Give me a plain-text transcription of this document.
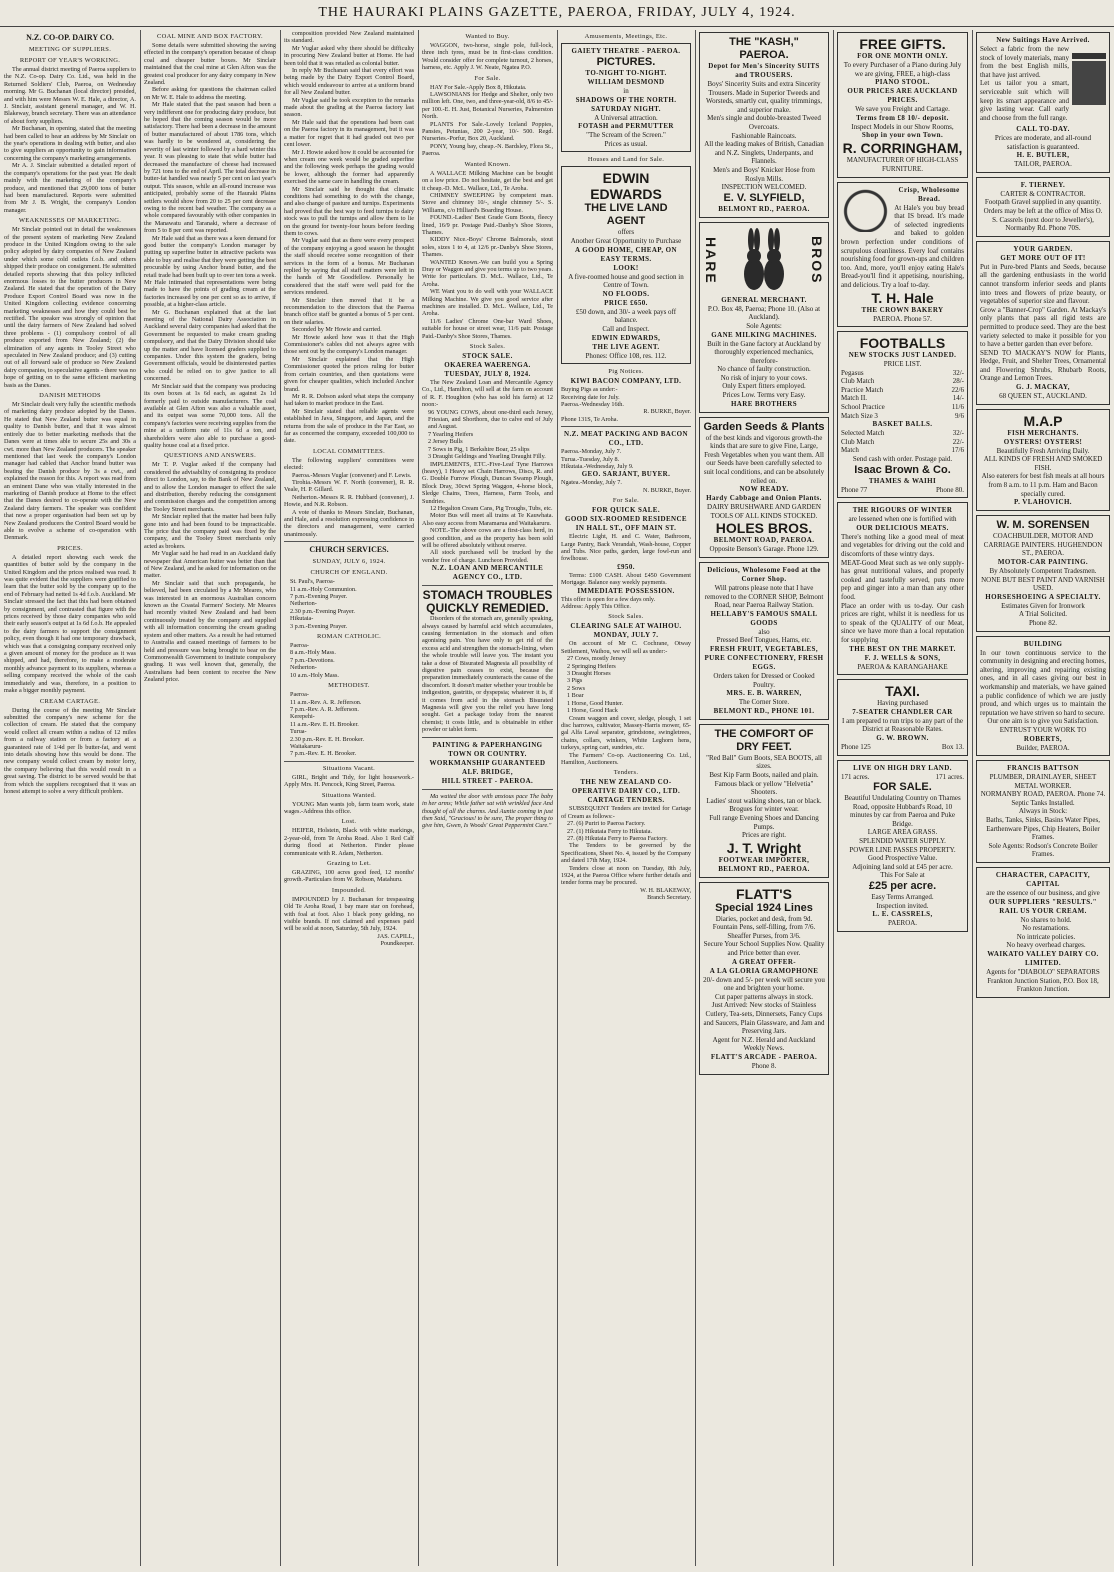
THE HAURAKI PLAINS GAZETTE, PAEROA, FRIDAY, JULY 4, 1924.
N.Z. CO-OP. DAIRY CO.
MEETING OF SUPPLIERS.
REPORT OF YEAR'S WORKING.

The annual district meeting of Paeroa suppliers to the N.Z. Co-op. Dairy Co. Ltd., was held in the Returned Soldiers' Club, Paeroa, on Wednesday morning. Mr G. Buchanan (local director) presided, and with him were Messrs W. E. Hale, a director, A. J. Sinclair, assistant general manager, and W. H. Blakeway, branch secretary. There was an attendance of about forty suppliers.

Mr Buchanan, in opening, stated that the meeting had been called to hear an address by Mr Sinclair on the year's operations in dealing with butter, and also to give suppliers an opportunity to gain information concerning the company's marketing arrangements.

Mr A. J. Sinclair submitted a detailed report of the company's operations for the past year. He dealt mainly with the marketing of the company's produce, and mentioned that 29,000 tons of butter had been manufactured. Reports were submitted from Mr J. B. Wright, the company's London manager.

WEAKNESSES OF MARKETING.

Mr Sinclair pointed out in detail the weaknesses of the present system of marketing New Zealand produce in the United Kingdom owing to the sale policy adopted by dairy companies of New Zealand under which some cold outlets f.o.b. and others shipped their produce on consignment. He submitted detailed reports showing that this policy inflicted enormous losses to the butter producers in New Zealand. He stated that the operation of the Dairy Produce Export Control Board was now in the United Kingdom collecting evidence concerning marketing weaknesses and how they could best be rectified. The speaker was strongly of opinion that until the dairy farmers of New Zealand had solved three problems - (1) compulsory control of all produce exported from New Zealand; (2) the elimination of any agents in Tooley Street who speculated in New Zealand produce; and (3) cutting out of all forward sale of produce so New Zealand dairy companies, to speculative agents - there was no hope of getting on to the same efficient marketing basis as the Danes.

DANISH METHODS

Mr Sinclair dealt very fully the scientific methods of marketing dairy produce adopted by the Danes. He stated that New Zealand butter was equal in quality to Danish butter, and that it was almost entirely due to better marketing methods that the Danes were at times able to secure 25s and 30s a cwt. more than New Zealand producers. The speaker mentioned that last week the company's London manager had cabled that Anchor brand butter was beating the Danish produce by 3s a cwt., and explained the reason for this. A report was read from an eminent Dane who was vitally interested in the marketing of Danish produce at Home to the effect that the Danes desired to co-operate with the New Zealand dairy farmers. The speaker was confident that now a proper organisation had been set up by New Zealand producers the Control Board would be able to evolve a scheme of co-operation with Denmark.

PRICES.

A detailed report showing each week the quantities of butter sold by the company in the United Kingdom and the prices realised was read. It was quite evident that the suppliers were gratified to learn that the butter sold by the company up to the end of February had netted 1s 4d f.o.b. Auckland. Mr Sinclair stressed the fact that this had been obtained by consignment, and contrasted that figure with the prices received by those dairy companies who sold their early season's output at 1s 6d f.o.b. He appealed to the dairy farmers to support the consignment policy, even though it had one temporary drawback, which was that a consigning company received only a given amount of money for the produce as it was shipped, and had, therefore, to make a moderate monthly advance payment to its suppliers, whereas a selling company received the whole of the cash immediately and was, therefore, in a position to make a bigger monthly payment.

CREAM CARTAGE.

During the course of the meeting Mr Sinclair submitted the company's new scheme for the collection of cream. He stated that the company would collect all cream within a radius of 12 miles from a railway station or from a factory at a guaranteed rate of 1/4d per lb butter-fat, and went into details showing how this would be done. The new company would collect cream by motor lorry, the company believing that this would result in a great saving. The district to be served would be that from which the suppliers recognised that it was an honest attempt to solve a very difficult problem.

COAL MINE AND BOX FACTORY.

Some details were submitted showing the saving effected in the company's operation because of cheap coal and cheaper butter boxes. Mr Sinclair maintained that the coal mine at Glen Afton was the greatest coal producer for any dairy company in New Zealand.

Before asking for questions the chairman called on Mr W. E. Hale to address the meeting.

Mr Hale stated that the past season had been a very indifferent one for producing dairy produce, but he hoped that the coming season would be more satisfactory. There had been a decrease in the amount of butter manufactured of about 1786 tons, which was hardly to be wondered at, considering the severity of last winter followed by a hard winter this year. It was pleasing to state that while butter had decreased the manufacture of cheese had increased by 721 tons to the end of April. The total decrease in butter-fat handled was nearly 5 per cent on last year's output. This season, while an all-round increase was anticipated, probably some of the Hauraki Plains settlers would show from 20 to 25 per cent decrease owing to the recent bad weather. The company as a whole compared favourably with other companies in the Manawatu and Taranaki, where a decrease of from 5 to 8 per cent was reported.

Mr Hale said that as there was a keen demand for good butter the company's London manager by putting up superfine butter in attractive packets was able to buy and realise that they were getting the best procurable by using Anchor brand butter, and the retail trade had been built up to over ten tons a week. Mr Hale intimated that representations were being made to have the points of grading cream at the factories increased by one per cent so as to arrive, if possible, at a higher-class article.

Mr G. Buchanan explained that at the last meeting of the National Dairy Association in Auckland several dairy companies had asked that the Government be requested to make cream grading compulsory, and that the Dairy Division should take up the matter and have licensed graders supplied to companies. Under this system the graders, being Government officials, would be disinterested parties who could be relied on to give justice to all concerned.

Mr Sinclair said that the company was producing its own boxes at 1s 6d each, as against 2s 1d formerly paid to outside manufacturers. The coal available at Glen Afton was also a valuable asset, and its output was some 70,000 tons. All the company's factories were receiving supplies from the mine at a uniform rate of 11s 6d a ton, and shareholders were also able to purchase a good-quality house coal at a fixed price.

QUESTIONS AND ANSWERS.

Mr T. P. Vuglar asked if the company had considered the advisability of consigning its produce direct to London, say, to the Bank of New Zealand, and to allow the London manager to effect the sale and distribution, thereby reducing the consignment and commission charges and the competition among the Tooley Street merchants.

Mr Sinclair replied that the matter had been fully gone into and had been found to be impracticable. The price that the company paid was fixed by the company, and the Tooley Street merchants only acted as brokers.

Mr Vuglar said he had read in an Auckland daily newspaper that American butter was better than that of New Zealand, and he asked for information on the matter.

Mr Sinclair said that such propaganda, he believed, had been circulated by a Mr Meares, who was interested in an enormous Australian concern known as the Coastal Farmers' Society. Mr Meares had recently visited New Zealand and had been continuously treated by the company and supplied with all information concerning the cream grading system and other matters. As a result he had returned to Australia and caused meetings of farmers to be held and pressure was being brought to bear on the Commonwealth Government to institute compulsory grading. It was well known that, generally, the Australians had been content to receive the New Zealand price.

composition provided New Zealand maintained its standard.

Mr Vuglar asked why there should be difficulty in procuring New Zealand butter at Home. He had been told that it was retailed as colonial butter.

In reply Mr Buchanan said that every effort was being made by the Dairy Export Control Board, which would endeavour to arrive at a uniform brand for all New Zealand butter.

Mr Vuglar said he took exception to the remarks made about the grading at the Paeroa factory last season.

Mr Hale said that the operations had been cast on the Paeroa factory in its management, but it was a matter for regret that it had graded out two per cent lower.

Mr J. Howie asked how it could be accounted for when cream one week would be graded superfine and the following week perhaps the grading would be lower, although the former had apparently exercised the same care in handling the cream.

Mr Sinclair said he thought that climatic conditions had something to do with the change, and also change of pasture and turnips. Experiments had proved that the best way to feed turnips to dairy stock was to pull the turnips and allow them to lie on the ground for twenty-four hours before feeding them to cows.

Mr Vuglar said that as there were every prospect of the company enjoying a good season he thought the staff should receive some recognition of their services in the form of a bonus. Mr Buchanan replied by saying that all staff matters were left in the hands of Mr Goodfellow. Personally he considered that the staff were well paid for the services rendered.

Mr Sinclair then moved that it be a recommendation to the directors that the Paeroa branch office staff be granted a bonus of 5 per cent. on their salaries.

Seconded by Mr Howie and carried.

Mr Howie asked how was it that the High Commissioner's cables did not always agree with those sent out by the company's London manager.

Mr Sinclair explained that the High Commissioner quoted the prices ruling for butter from certain countries, and then quotations were given for cheaper qualities, which included Anchor brand.

Mr R. R. Dobson asked what steps the company had taken to market produce in the East.

Mr Sinclair stated that reliable agents were established in Java, Singapore, and Japan, and the returns from the sale of produce in the Far East, so far as concerned the company, exceeded 100,000 to date.

LOCAL COMMITTEES.

The following suppliers' committees were elected:

Paeroa.-Messrs Vuglar (convener) and F. Lewis.

Tirohia.-Messrs W. F. North (convener), R. R. Veale, H. P. Gillard.

Netherton.-Messrs R. R. Hubbard (convener), J. Howie, and N.R. Robson.

A vote of thanks to Messrs Sinclair, Buchanan, and Hale, and a resolution expressing confidence in the directors and management, were carried unanimously.

CHURCH SERVICES.
SUNDAY, JULY 6, 1924.
CHURCH OF ENGLAND.
St. Paul's, Paeroa-
11 a.m.-Holy Communion.
7 p.m.-Evening Prayer.
Netherton-
2.30 p.m.-Evening Prayer.
Hikutaia-
3 p.m.-Evening Prayer.
ROMAN CATHOLIC.
Paeroa-
8 a.m.-Holy Mass.
7 p.m.-Devotions.
Netherton-
10 a.m.-Holy Mass.
METHODIST.
Paeroa-
11 a.m.-Rev. A. R. Jefferson.
7 p.m.-Rev. A. R. Jefferson.
Kerepehi-
11 a.m.-Rev. E. H. Brooker.
Turua-
2.30 p.m.-Rev. E. H. Brooker.
Waitakaruru-
7 p.m.-Rev. E. H. Brooker.
Situations Vacant.

GIRL, Bright and Tidy, for light housework.-Apply Mrs. H. Pencock, King Street, Paeroa.

Situations Wanted.

YOUNG Man wants job, farm team work, state wages.-Address this office.

Lost.

HEIFER, Holstein, Black with white markings, 2-year-old, from Te Aroha Road. Also 1 Red Calf during flood at Netherton. Finder please communicate with R. Adam, Netherton.

Grazing to Let.

GRAZING, 100 acres good feed, 12 months' growth.-Particulars from W. Robson, Matahuru.

Impounded.

IMPOUNDED by J. Buchanan for trespassing Old Te Aroha Road, 1 bay mare star on forehead, with foal at foot. Also 1 black pony gelding, no visible brands. If not claimed and expenses paid will be sold at noon, Saturday, 5th July, 1924.

JAS. CAPILL,
Poundkeeper.
Wanted to Buy.

WAGGON, two-horse, single pole, full-lock, three inch tyres, must be in first-class condition. Would consider offer for complete turnout, 2 horses, harness, etc. Apply J. W. Neate, Ngatea P.O.

For Sale.

HAY For Sale.-Apply Box 8, Hikutaia.

LAWSONIANS for Hedge and Shelter, only two million left. One, two, and three-year-old, 8/6 to 45/- per 100.-E. H. Just, Botanical Nurseries, Palmerston North.

PLANTS For Sale.-Lovely Iceland Poppies, Pansies, Petunias, 200 2-year, 10/- 500. Regd. Nurseries.-Porfur, Box 20, Auckland.

PONY, Young bay, cheap.-N. Bardsley, Flora St., Paeroa.

Wanted Known.

A WALLACE Milking Machine can be bought on a low price. Do not hesitate, get the best and get it cheap.-D. McL. Wallace, Ltd., Te Aroha.

CHIMNEY SWEEPING by competent man. Stove and chimney 10/-, single chimney 5/-. S. Williams, c/o Hilliard's Boarding House.

FOUND.-Ladies' Best Grade Gum Boots, fleecy lined, 16/9 pr. Postage Paid.-Danby's Shoe Stores, Thames.

KIDDY Nice.-Boys' Chrome Balmorals, stout soles, sizes 1 to 4, at 12/6 pr.-Danby's Shoe Stores, Thames.

WANTED Known.-We can build you a Spring Dray or Waggon and give you terms up to two years. Write for particulars. D. McL. Wallace, Ltd., Te Aroha.

WE Want you to do well with your WALLACE Milking Machine. We give you good service after machines are installed. D. McL. Wallace, Ltd., Te Aroha.

11/6 Ladies' Chrome One-bar Ward Shoes, suitable for house or street wear, 11/6 pair. Postage Paid.-Danby's Shoe Stores, Thames.

Stock Sales.
STOCK SALE.
OKAEREA WAERENGA.
TUESDAY, JULY 8, 1924.

The New Zealand Loan and Mercantile Agency Co., Ltd., Hamilton, will sell at the farm on account of R. F. Houghton (who has sold his farm) at 12 noon:-

96 YOUNG COWS, about one-third each Jersey, Friesian, and Shorthorn, due to calve end of July and August.
7 Yearling Heifers
2 Jersey Bulls
7 Sows in Pig, 1 Berkshire Boar, 25 slips
3 Draught Geldings and Yearling Draught Filly.

IMPLEMENTS, ETC.-Five-Leaf Tyne Harrows (heavy), 1 Heavy set Chain Harrows, Discs, R. and G. Double Furrow Plough, Duncan Swamp Plough, Block Dray, 30cwt Spring Waggon, 4-horse block, Sledge Chains, Trees, Harness, Farm Tools, and Sundries.

12 Hegalton Cream Cans, Pig Troughs, Tubs, etc.

Motor Bus will meet all trains at Te Kauwhata. Also easy access from Maramarua and Waitakaruru.

NOTE.-The above cows are a first-class herd, in good condition, and as the property has been sold will be offered absolutely without reserve.

All stock purchased will be trucked by the vendor free of charge. Luncheon Provided.

N.Z. LOAN AND MERCANTILE AGENCY CO., LTD.
STOMACH TROUBLES
QUICKLY REMEDIED.

Disorders of the stomach are, generally speaking, always caused by harmful acid which accumulates, causing fermentation in the stomach and often agonising pain. You have only to get rid of the excess acid and strengthen the stomach-lining, when the whole trouble will leave you. The instant you take a dose of Bisurated Magnesia all possibility of digestive pain ceases to exist, because the preparation immediately counteracts the cause of the discomfort. It doesn't matter whether your trouble be indigestion, gastritis, or dyspepsia; whatever it is, if it comes from acid in the stomach Bisurated Magnesia will give you the relief you have long sought. Get a package today from the nearest chemist; it costs little, and is obtainable in either powder or tablet form.

PAINTING & PAPERHANGING
TOWN OR COUNTRY.
WORKMANSHIP GUARANTEED
ALF. BRIDGE,
HILL STREET - PAEROA.

Ma waited the door with anxious pace The baby in her arms; While father sat with wrinkled face And thought of all the charms. And Auntie coming in just then Said, "Gracious! to be sure, The proper thing to give him, Gwen, Is Woods' Great Peppermint Cure."

Amusements, Meetings, Etc.
GAIETY THEATRE - PAEROA.
PICTURES.
TO-NIGHT TO-NIGHT.
WILLIAM DESMOND
in
SHADOWS OF THE NORTH.
SATURDAY NIGHT.
A Universal attraction.
FOTASH and PERMUTTER
"The Scream of the Screen."
Prices as usual.
Houses and Land for Sale.
EDWIN EDWARDS
THE LIVE LAND AGENT
offers
Another Great Opportunity to Purchase
A GOOD HOME, CHEAP, ON EASY TERMS.
LOOK!
A five-roomed house and good section in Centre of Town.
NO FLOODS.
PRICE £650.
£50 down, and 30/- a week pays off balance.
Call and Inspect.
EDWIN EDWARDS,
THE LIVE AGENT.
Phones: Office 108, res. 112.
Pig Notices.
KIWI BACON COMPANY, LTD.
Buying Pigs as under:-
Receiving date for July.
Paeroa.-Wednesday 16th.
R. BURKE, Buyer.
Phone 131S, Te Aroha.
N.Z. MEAT PACKING AND BACON CO., LTD.
Paeroa.-Monday, July 7.
Turua.-Tuesday, July 8.
Hikutaia.-Wednesday, July 9.
GEO. SARJANT, BUYER.
Ngatea.-Monday, July 7.
N. BURKE, Buyer.
For Sale.
FOR QUICK SALE.
GOOD SIX-ROOMED RESIDENCE
IN HALL ST., OFF MAIN ST.

Electric Light, H. and C. Water, Bathroom, Large Pantry, Back Verandah, Wash-house, Copper and Tubs. Nice paths, garden, large fowl-run and fowlhouse.

£950.

Terms: £100 CASH. About £450 Government Mortgage. Balance easy weekly payments.

IMMEDIATE POSSESSION.
This offer is open for a few days only.
Address: Apply This Office.
Stock Sales.
CLEARING SALE AT WAIHOU.
MONDAY, JULY 7.

On account of Mr C. Cochrane, Otway Settlement, Waihou, we will sell as under:-

27 Cows, mostly Jersey
2 Springing Heifers
3 Draught Horses
3 Pigs
2 Sows
1 Boar
1 Horse, Good Hunter.
1 Horse, Good Hack

Cream waggon and cover, sledge, plough, 1 set disc harrows, cultivator, Massey-Harris mower, 65-gal Alfa Laval separator, grindstone, swingletrees, chains, collars, winkers, White Leghorn hens, turkeys, spring cart, sundries, etc.

The Farmers' Co-op. Auctioneering Co. Ltd., Hamilton, Auctioneers.

Tenders.
THE NEW ZEALAND CO-OPERATIVE DAIRY CO., LTD.
CARTAGE TENDERS.

SUBSEQUENT Tenders are invited for Cartage of Cream as follows:-

27. (6) Puriri to Paeroa Factory.
27. (1) Hikutaia Ferry to Hikutaia.
27. (8) Hikutaia Ferry to Paeroa Factory.

The Tenders to be governed by the Specifications, Sheet No. 4, issued by the Company and dated 17th May, 1924.

Tenders close at noon on Tuesday, 8th July, 1924, at the Paeroa Office where further details and tender forms may be procured.

W. H. BLAKEWAY,
Branch Secretary.
THE "KASH," PAEROA.
Depot for Men's Sincerity SUITS and TROUSERS.
Boys' Sincerity Suits and extra Sincerity Trousers. Made in Superior Tweeds and Worsteds, smartly cut, quality trimmings, and superior make.
Men's single and double-breasted Tweed Overcoats.
Fashionable Raincoats.
All the leading makes of British, Canadian and N.Z. Singlets, Underpants, and Flannels.
Men's and Boys' Knicker Hose from Roslyn Mills.
INSPECTION WELCOMED.
E. V. SLYFIELD,
BELMONT RD., PAEROA.
HARE	BROS
GENERAL MERCHANT.
P.O. Box 48, Paeroa; Phone 10. (Also at Auckland).
Sole Agents:
GANE MILKING MACHINES.
Built in the Gane factory at Auckland by thoroughly experienced mechanics, therefore-
No chance of faulty construction.
No risk of injury to your cows.
Only Expert fitters employed.
Prices Low. Terms very Easy.
HARE BROTHERS
Garden Seeds & Plants
of the best kinds and vigorous growth-the kinds that are sure to give Fine, Large, Fresh Vegetables when you want them. All our Seeds have been carefully selected to suit local conditions, and can be absolutely relied on.
NOW READY.
Hardy Cabbage and Onion Plants.
DAIRY BRUSHWARE AND GARDEN TOOLS OF ALL KINDS STOCKED.
HOLES BROS.
BELMONT ROAD, PAEROA.
Opposite Benson's Garage. Phone 129.
Delicious, Wholesome Food at the Corner Shop.
Will patrons please note that I have removed to the CORNER SHOP, Belmont Road, near Paeroa Railway Station.
HELLABY'S FAMOUS SMALL GOODS
also
Pressed Beef Tongues, Hams, etc.
FRESH FRUIT, VEGETABLES, PURE CONFECTIONERY, FRESH EGGS.
Orders taken for Dressed or Cooked Poultry.
MRS. E. B. WARREN,
The Corner Store.
BELMONT RD., PHONE 101.
THE COMFORT OF DRY FEET.
"Red Ball" Gum Boots, SEA BOOTS, all sizes.
Best Kip Farm Boots, nailed and plain.
Famous black or yellow "Helvetia" Shooters.
Ladies' stout walking shoes, tan or black.
Brogues for winter wear.
Full range Evening Shoes and Dancing Pumps.
Prices are right.
J. T. Wright
FOOTWEAR IMPORTER, BELMONT RD., PAEROA.
FLATT'S
Special 1924 Lines
Diaries, pocket and desk, from 9d.
Fountain Pens, self-filling, from 7/6.
Sheaffer Purses, from 3/6.
Secure Your School Supplies Now. Quality and Price better than ever.
A GREAT OFFER-
A LA GLORIA GRAMOPHONE
20/- down and 5/- per week will secure you one and brighten your home.
Cut paper patterns always in stock.
Just Arrived: New stocks of Stainless Cutlery, Tea-sets, Dinnersets, Fancy Cups and Saucers, Plain Glassware, and Jam and Preserving Jars.
Agent for N.Z. Herald and Auckland Weekly News.
FLATT'S ARCADE - PAEROA.
Phone 8.
FREE GIFTS.
FOR ONE MONTH ONLY.
To every Purchaser of a Piano during July we are giving, FREE, a high-class
PIANO STOOL.
OUR PRICES ARE AUCKLAND PRICES.
We save you Freight and Cartage.
Terms from £8 10/- deposit.
Inspect Models in our Show Rooms,
Shop in your own Town.
R. CORRINGHAM,
MANUFACTURER OF HIGH-CLASS FURNITURE.
Crisp, Wholesome Bread.
At Hale's you buy bread that IS bread. It's made of selected ingredients and baked to golden brown perfection under conditions of scrupulous cleanliness. Every loaf contains nourishing food for grown-ups and children too. And, more, you'll enjoy eating Hale's Bread-you'll find it appetising, nourishing, and delicious. Try a loaf to-day.
T. H. Hale
THE CROWN BAKERY
PAEROA. Phone 57.
FOOTBALLS
NEW STOCKS JUST LANDED.
PRICE LIST.
Pegasus	32/-
Club Match	28/-
Practice Match	22/6
Match II.	14/-
School Practice	11/6
Match Size 3	9/6
BASKET BALLS.
Selected Match	32/-
Club Match	22/-
Match	17/6
Send cash with order. Postage paid.
Isaac Brown & Co.
THAMES & WAIHI
Phone 77	Phone 80.
THE RIGOURS OF WINTER
are lessened when one is fortified with
OUR DELICIOUS MEATS.
There's nothing like a good meal of meat and vegetables for driving out the cold and discomforts of these wintry days.
MEAT-Good Meat such as we only supply-has great nutritional values, and properly cooked and tastefully served, puts more pep and ginger into a man than any other food.
Place an order with us to-day. Our cash prices are right, whilst it is needless for us to speak of the QUALITY of our Meat, since we have more than a local reputation for supplying
THE BEST ON THE MARKET.
F. J. WELLS & SONS,
PAEROA & KARANGAHAKE
TAXI.
Having purchased
7-SEATER CHANDLER CAR
I am prepared to run trips to any part of the District at Reasonable Rates.
G. W. BROWN.
Phone 125	Box 13.
LIVE ON HIGH DRY LAND.
171 acres.	171 acres.
FOR SALE.
Beautiful Undulating Country on Thames Road, opposite Hubbard's Road, 10 minutes by car from Paeroa and Puke Bridge.
LARGE AREA GRASS.
SPLENDID WATER SUPPLY.
POWER LINE PASSES PROPERTY.
Good Prospective Value.
Adjoining land sold at £45 per acre.
This For Sale at
£25 per acre.
Easy Terms Arranged.
Inspection invited.
L. E. CASSRELS,
PAEROA.
New Suitings Have Arrived.
Select a fabric from the new stock of lovely materials, many from the best English mills, that have just arrived.
Let us tailor you a smart, serviceable suit which will keep its smart appearance and give lasting wear. Call early and choose from the full range.
CALL TO-DAY.
Prices are moderate, and all-round satisfaction is guaranteed.
H. E. BUTLER,
TAILOR, PAEROA.
F. TIERNEY.
CARTER & CONTRACTOR.
Footpath Gravel supplied in any quantity.
Orders may be left at the office of Miss O. S. Cassrels (next door to Jeweller's), Normanby Rd. Phone 70S.
YOUR GARDEN.
GET MORE OUT OF IT!
Put in Pure-bred Plants and Seeds, because all the gardening enthusiasts in the world cannot transform inferior seeds and plants into trees and flowers of prize beauty, or vegetables of superior size and flavour.
Grow a "Banner-Crop" Garden. At Mackay's only plants that pass all rigid tests are permitted to produce seed. They are the best variety selected to make it possible for you to have a better garden than ever before.
SEND TO MACKAY'S NOW for Plants, Hedge, Fruit, and Shelter Trees, Ornamental and Flowering Shrubs, Rhubarb Roots, Orange and Lemon Trees.
G. J. MACKAY,
68 QUEEN ST., AUCKLAND.
M.A.P
FISH MERCHANTS.
OYSTERS! OYSTERS!
Beautifully Fresh Arriving Daily.
ALL KINDS OF FRESH AND SMOKED FISH.
Also eaterers for best fish meals at all hours from 8 a.m. to 11 p.m. Ham and Bacon specially cured.
P. VLAHOVICH.
W. M. SORENSEN
COACHBUILDER, MOTOR AND CARRIAGE PAINTERS. HUGHENDON ST., PAEROA.
MOTOR-CAR PAINTING.
By Absolutely Competent Tradesmen.
NONE BUT BEST PAINT AND VARNISH USED.
HORSESHOEING A SPECIALTY.
Estimates Given for Ironwork
A Trial Solicited.
Phone 82.
BUILDING
In our town continuous service to the community in designing and erecting homes, altering, improving and repairing existing ones, and in all cases giving our best in workmanship and materials, we have gained a public confidence of which we are justly proud, and which urges us to maintain the reputation we have striven so hard to secure.
Our one aim is to give you Satisfaction.
ENTRUST YOUR WORK TO
ROBERTS,
Builder, PAEROA.
FRANCIS BATTSON
PLUMBER, DRAINLAYER, SHEET METAL WORKER.
NORMANBY ROAD, PAEROA. Phone 74.
Septic Tanks Installed.
Always in Stock:
Baths, Tanks, Sinks, Basins Water Pipes, Earthenware Pipes, Chip Heaters, Boiler Frames.
Sole Agents: Rodson's Concrete Boiler Frames.
CHARACTER, CAPACITY, CAPITAL
are the essence of our business, and give
OUR SUPPLIERS "RESULTS."
RAIL US YOUR CREAM.
No shares to hold.
No restamations.
No intricate policies.
No heavy overhead charges.
WAIKATO VALLEY DAIRY CO. LIMITED.
Agents for "DIABOLO" SEPARATORS
Frankton Junction Station, P.O. Box 18, Frankton Junction.
